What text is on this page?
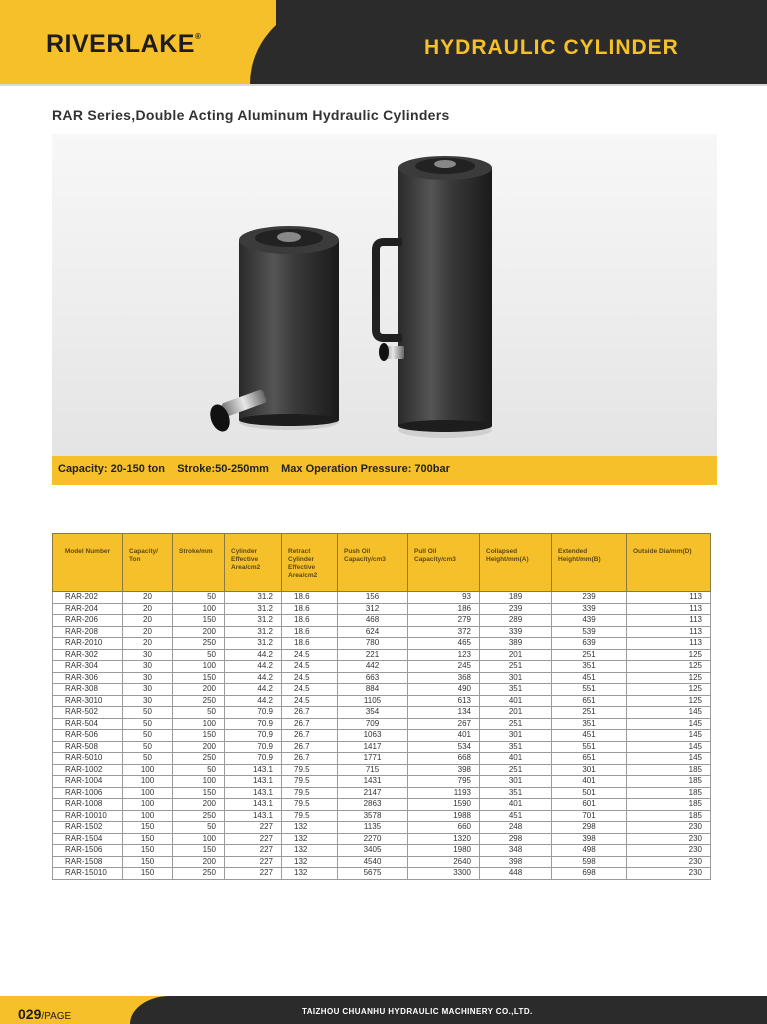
RIVERLAKE®	HYDRAULIC CYLINDER
RAR Series,Double Acting Aluminum Hydraulic Cylinders
Capacity: 20-150 ton    Stroke:50-250mm    Max Operation Pressure: 700bar
Model Number	Capacity/ Ton	Stroke/mm	Cylinder Effective Area/cm2	Retract Cylinder Effective Area/cm2	Push Oil Capacity/cm3	Pull Oil Capacity/cm3	Collapsed Height/mm(A)	Extended Height/mm(B)	Outside Dia/mm(D)
RAR-202	20	50	31.2	18.6	156	93	189	239	113
RAR-204	20	100	31.2	18.6	312	186	239	339	113
RAR-206	20	150	31.2	18.6	468	279	289	439	113
RAR-208	20	200	31.2	18.6	624	372	339	539	113
RAR-2010	20	250	31.2	18.6	780	465	389	639	113
RAR-302	30	50	44.2	24.5	221	123	201	251	125
RAR-304	30	100	44.2	24.5	442	245	251	351	125
RAR-306	30	150	44.2	24.5	663	368	301	451	125
RAR-308	30	200	44.2	24.5	884	490	351	551	125
RAR-3010	30	250	44.2	24.5	1105	613	401	651	125
RAR-502	50	50	70.9	26.7	354	134	201	251	145
RAR-504	50	100	70.9	26.7	709	267	251	351	145
RAR-506	50	150	70.9	26.7	1063	401	301	451	145
RAR-508	50	200	70.9	26.7	1417	534	351	551	145
RAR-5010	50	250	70.9	26.7	1771	668	401	651	145
RAR-1002	100	50	143.1	79.5	715	398	251	301	185
RAR-1004	100	100	143.1	79.5	1431	795	301	401	185
RAR-1006	100	150	143.1	79.5	2147	1193	351	501	185
RAR-1008	100	200	143.1	79.5	2863	1590	401	601	185
RAR-10010	100	250	143.1	79.5	3578	1988	451	701	185
RAR-1502	150	50	227	132	1135	660	248	298	230
RAR-1504	150	100	227	132	2270	1320	298	398	230
RAR-1506	150	150	227	132	3405	1980	348	498	230
RAR-1508	150	200	227	132	4540	2640	398	598	230
RAR-15010	150	250	227	132	5675	3300	448	698	230
029/PAGE	TAIZHOU CHUANHU HYDRAULIC MACHINERY CO.,LTD.
